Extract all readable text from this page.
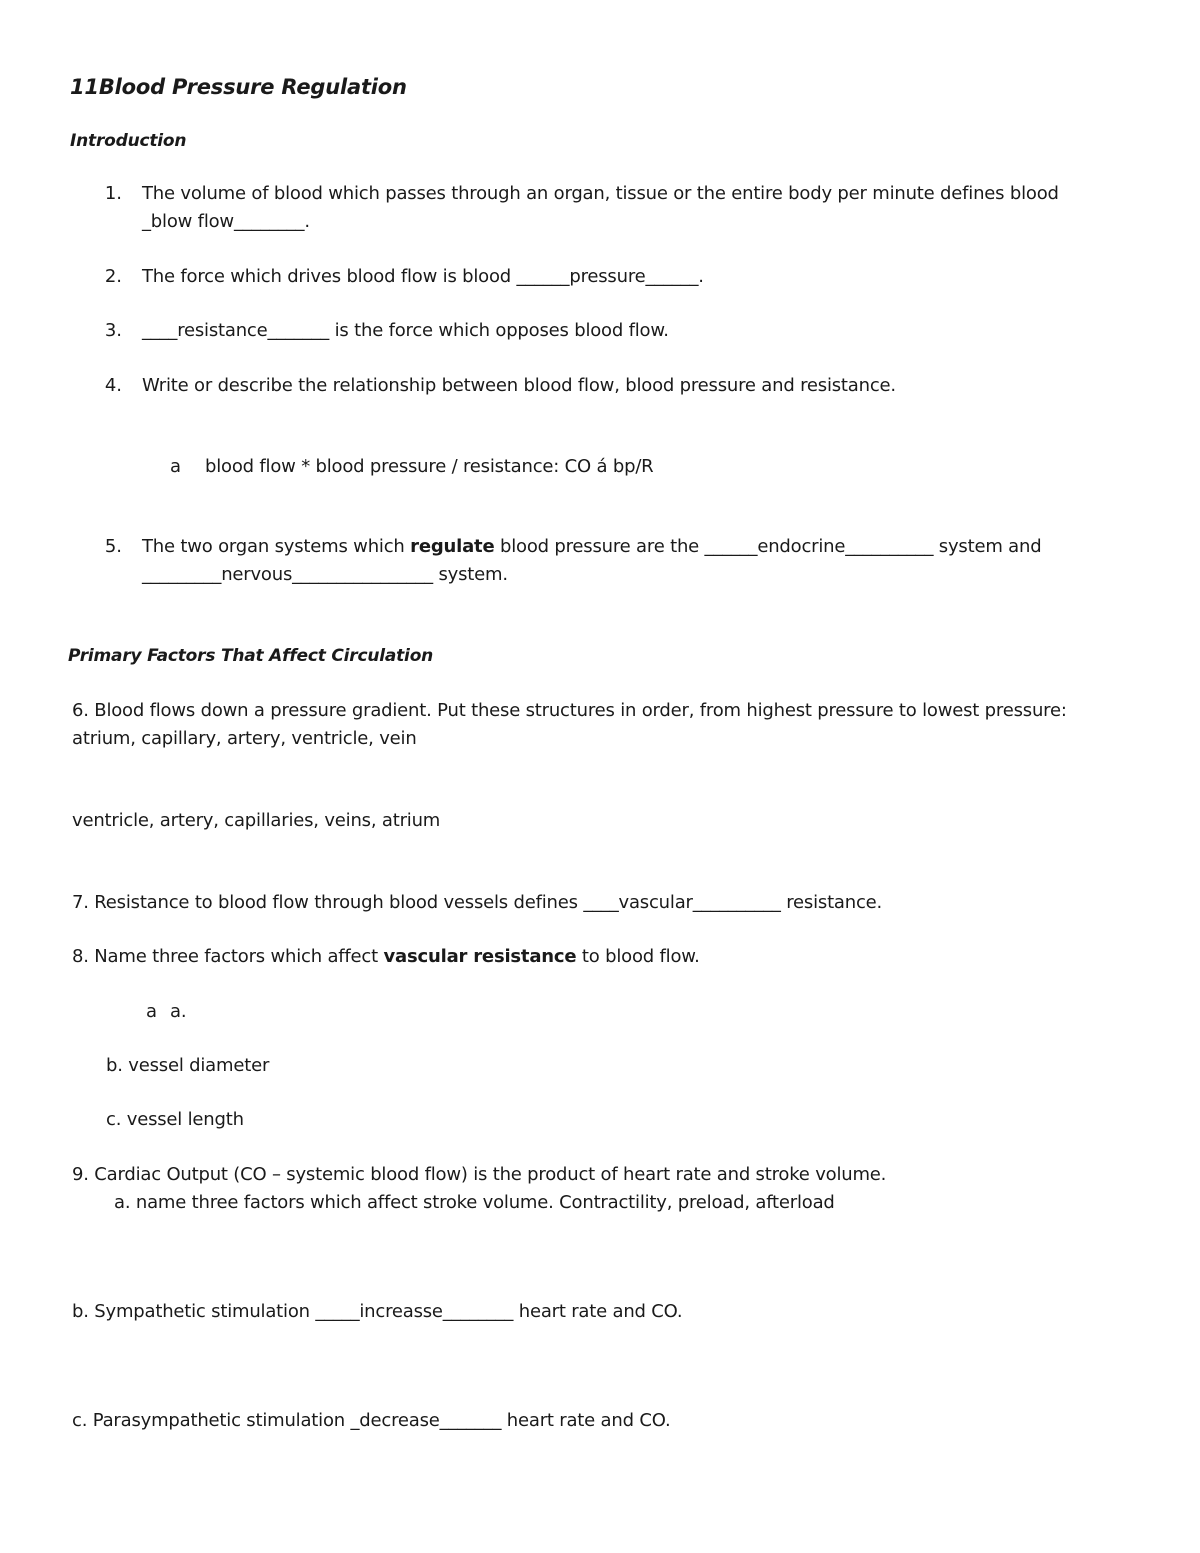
11Blood Pressure Regulation
Introduction
1. The volume of blood which passes through an organ, tissue or the entire body per minute defines blood
_blow flow________.
2. The force which drives blood flow is blood ______pressure______.
3. ____resistance_______ is the force which opposes blood flow.
4. Write or describe the relationship between blood flow, blood pressure and resistance.
a blood flow * blood pressure / resistance: CO á bp/R
5. The two organ systems which regulate blood pressure are the ______endocrine__________ system and
_________nervous________________ system.
Primary Factors That Affect Circulation
6. Blood flows down a pressure gradient. Put these structures in order, from highest pressure to lowest pressure:
atrium, capillary, artery, ventricle, vein
ventricle, artery, capillaries, veins, atrium
7. Resistance to blood flow through blood vessels defines ____vascular__________ resistance.
8. Name three factors which affect vascular resistance to blood flow.
a a.
b. vessel diameter
c. vessel length
9. Cardiac Output (CO – systemic blood flow) is the product of heart rate and stroke volume.
a. name three factors which affect stroke volume. Contractility, preload, afterload
b. Sympathetic stimulation _____increasse________ heart rate and CO.
c. Parasympathetic stimulation _decrease_______ heart rate and CO.
